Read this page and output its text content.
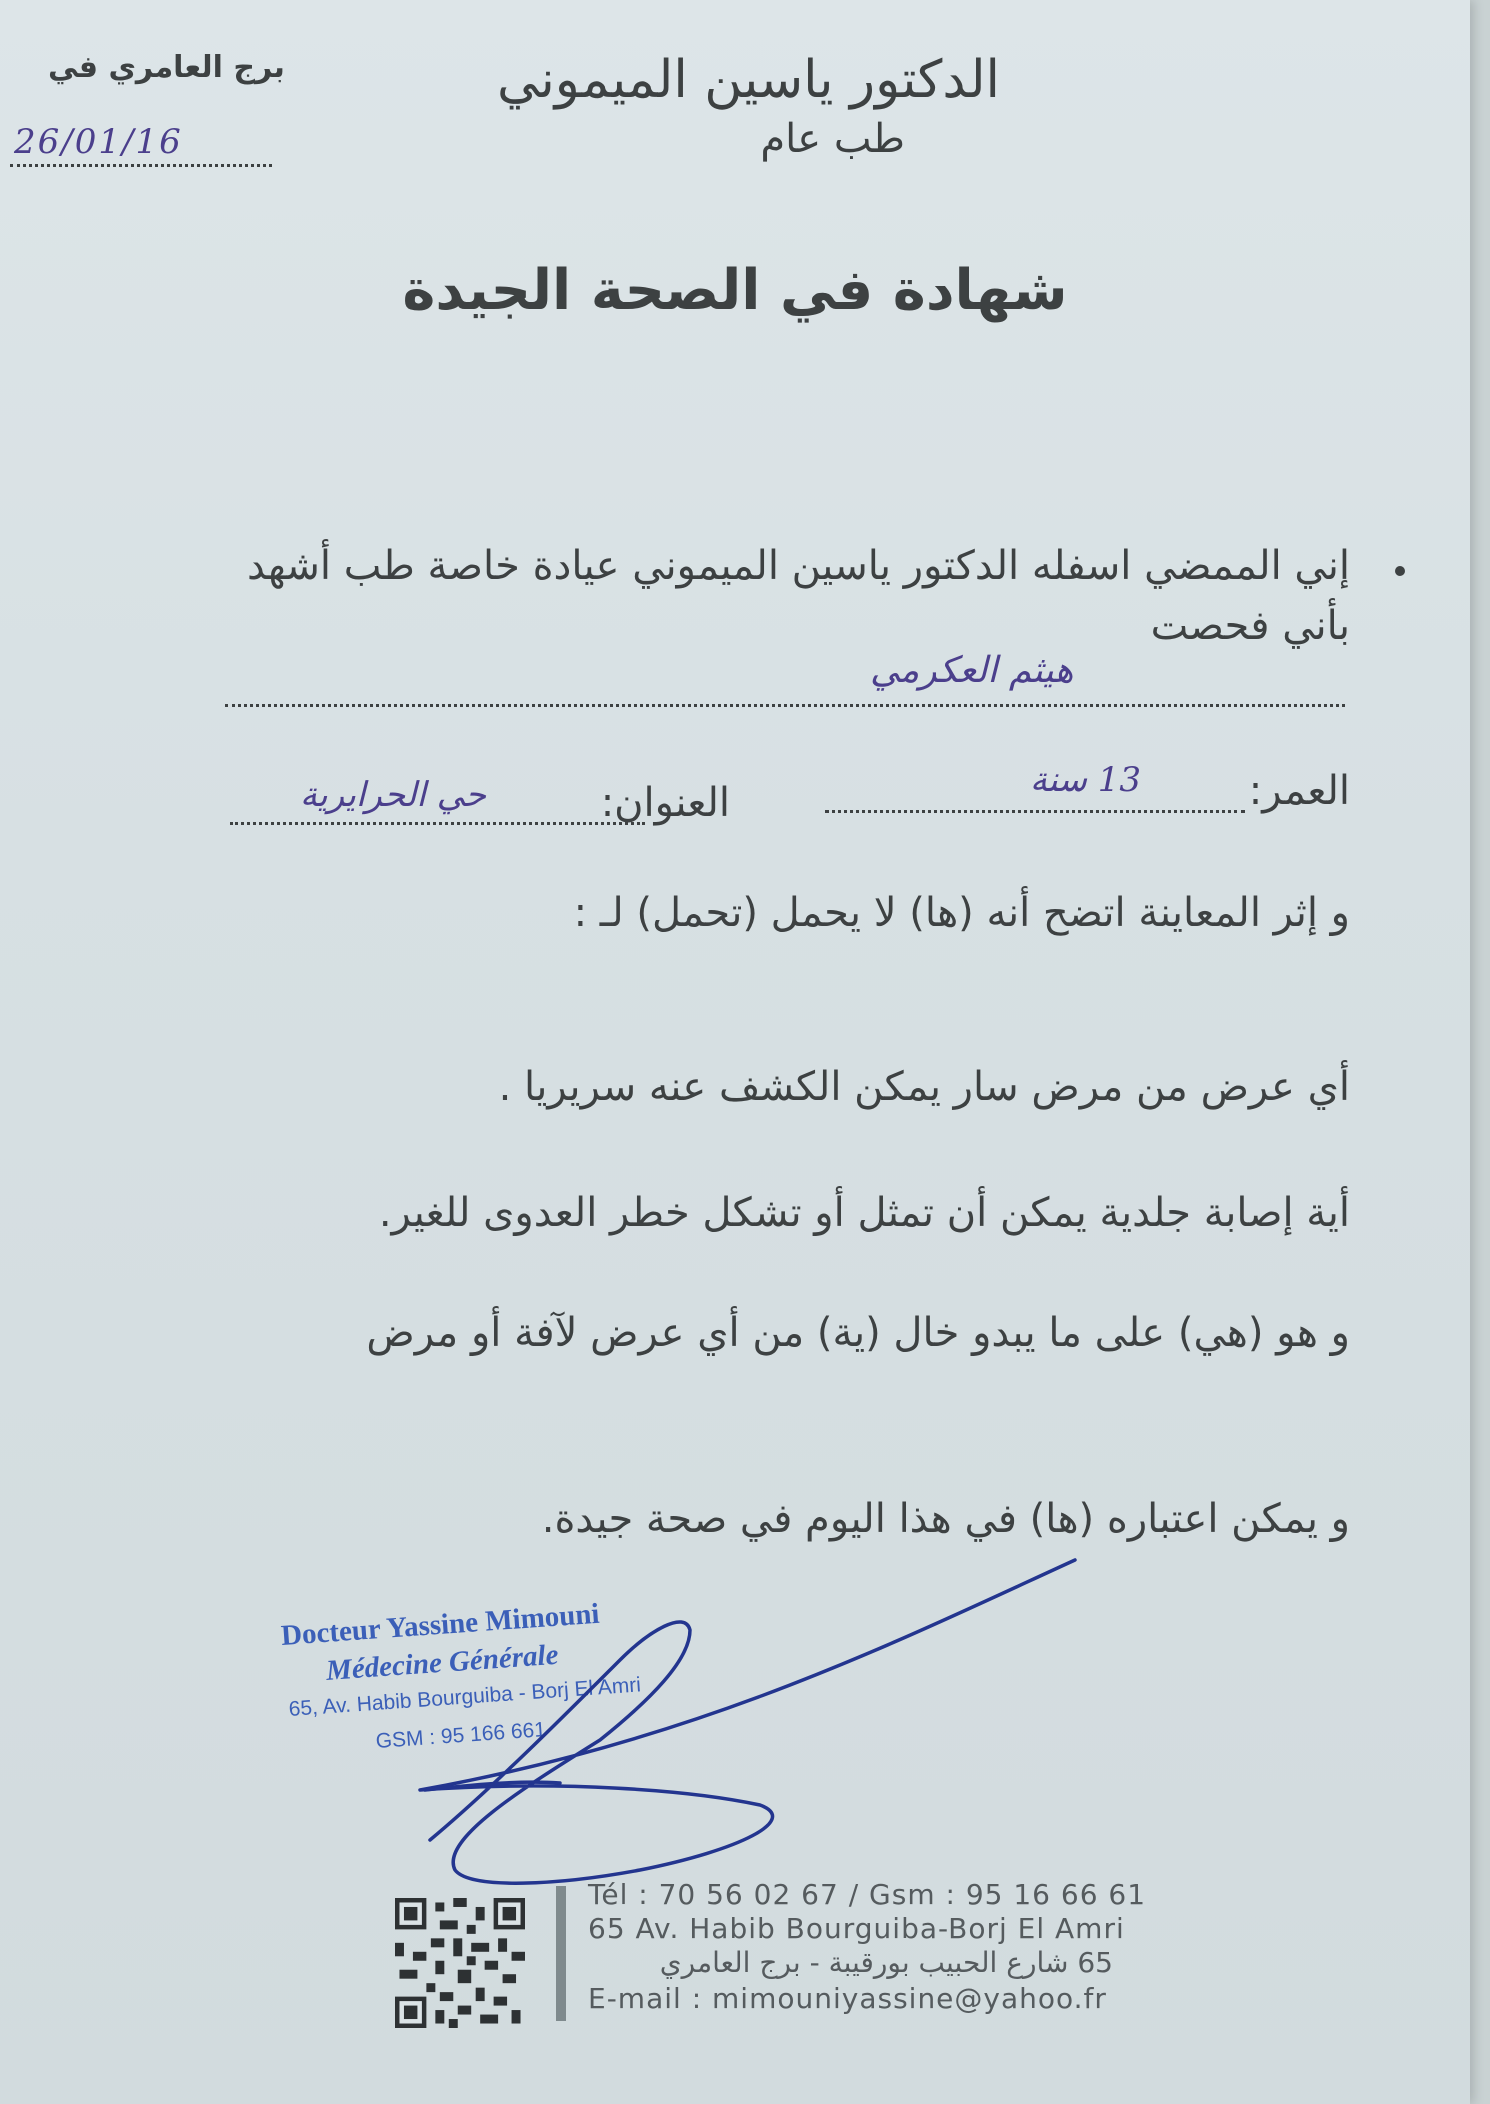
الدكتور ياسين الميموني
طب عام
برج العامري في
26/01/16
شهادة في الصحة الجيدة
إني الممضي اسفله الدكتور ياسين الميموني عيادة خاصة طب أشهد بأني فحصت
هيثم العكرمي
العمر:
13 سنة
العنوان:
حي الحرايرية
و إثر المعاينة اتضح أنه (ها) لا يحمل (تحمل) لـ :
أي عرض من مرض سار يمكن الكشف عنه سريريا .
أية إصابة جلدية يمكن أن تمثل أو تشكل خطر العدوى للغير.
و هو (هي) على ما يبدو خال (ية) من أي عرض لآفة أو مرض
و يمكن اعتباره (ها) في هذا اليوم في صحة جيدة.
Docteur Yassine Mimouni
Médecine Générale
65, Av. Habib Bourguiba - Borj El Amri
GSM : 95 166 661
Tél : 70 56 02 67 / Gsm : 95 16 66 61
65 Av. Habib Bourguiba-Borj El Amri
65 شارع الحبيب بورقيبة - برج العامري
E-mail : mimouniyassine@yahoo.fr
